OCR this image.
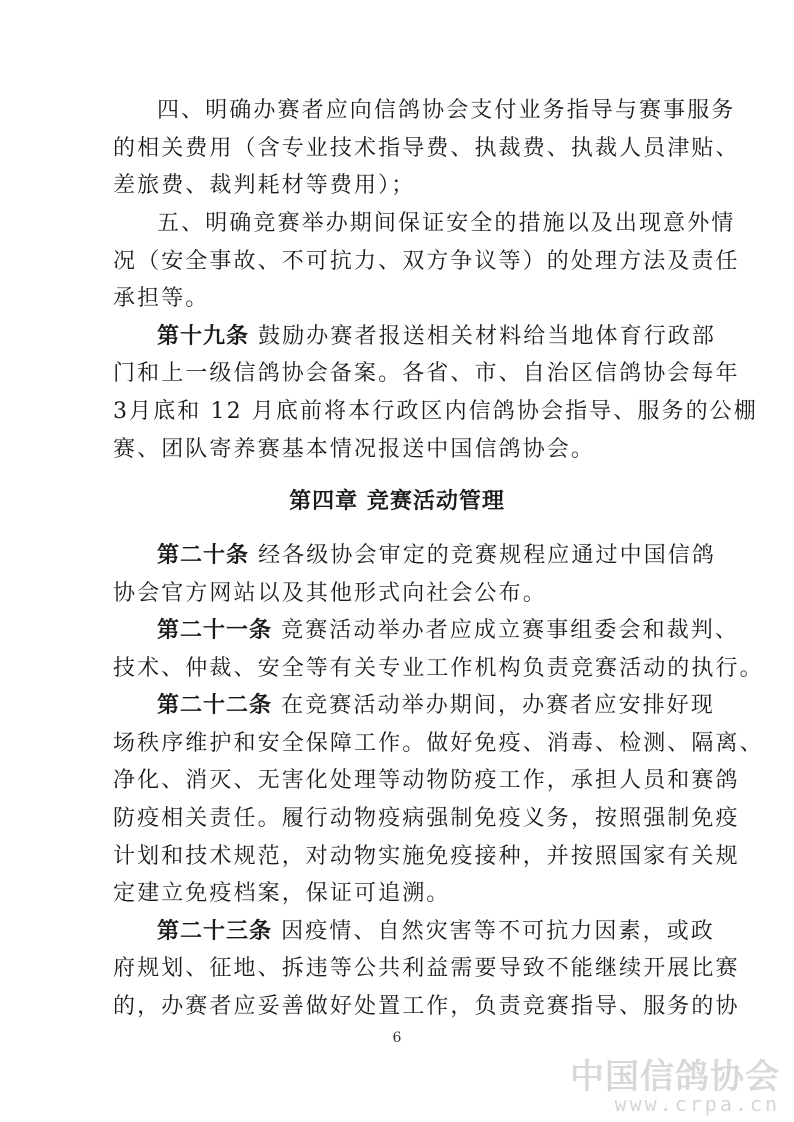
四、明确办赛者应向信鸽协会支付业务指导与赛事服务
的相关费用（含专业技术指导费、执裁费、执裁人员津贴、
差旅费、裁判耗材等费用）；
五、明确竞赛举办期间保证安全的措施以及出现意外情
况（安全事故、不可抗力、双方争议等）的处理方法及责任
承担等。
第十九条 鼓励办赛者报送相关材料给当地体育行政部
门和上一级信鸽协会备案。各省、市、自治区信鸽协会每年
3月底和 12 月底前将本行政区内信鸽协会指导、服务的公棚
赛、团队寄养赛基本情况报送中国信鸽协会。
第四章 竞赛活动管理
第二十条 经各级协会审定的竞赛规程应通过中国信鸽
协会官方网站以及其他形式向社会公布。
第二十一条 竞赛活动举办者应成立赛事组委会和裁判、
技术、仲裁、安全等有关专业工作机构负责竞赛活动的执行。
第二十二条 在竞赛活动举办期间，办赛者应安排好现
场秩序维护和安全保障工作。做好免疫、消毒、检测、隔离、
净化、消灭、无害化处理等动物防疫工作，承担人员和赛鸽
防疫相关责任。履行动物疫病强制免疫义务，按照强制免疫
计划和技术规范，对动物实施免疫接种，并按照国家有关规
定建立免疫档案，保证可追溯。
第二十三条 因疫情、自然灾害等不可抗力因素，或政
府规划、征地、拆违等公共利益需要导致不能继续开展比赛
的，办赛者应妥善做好处置工作，负责竞赛指导、服务的协
6
中国信鸽协会
www.crpa.cn
